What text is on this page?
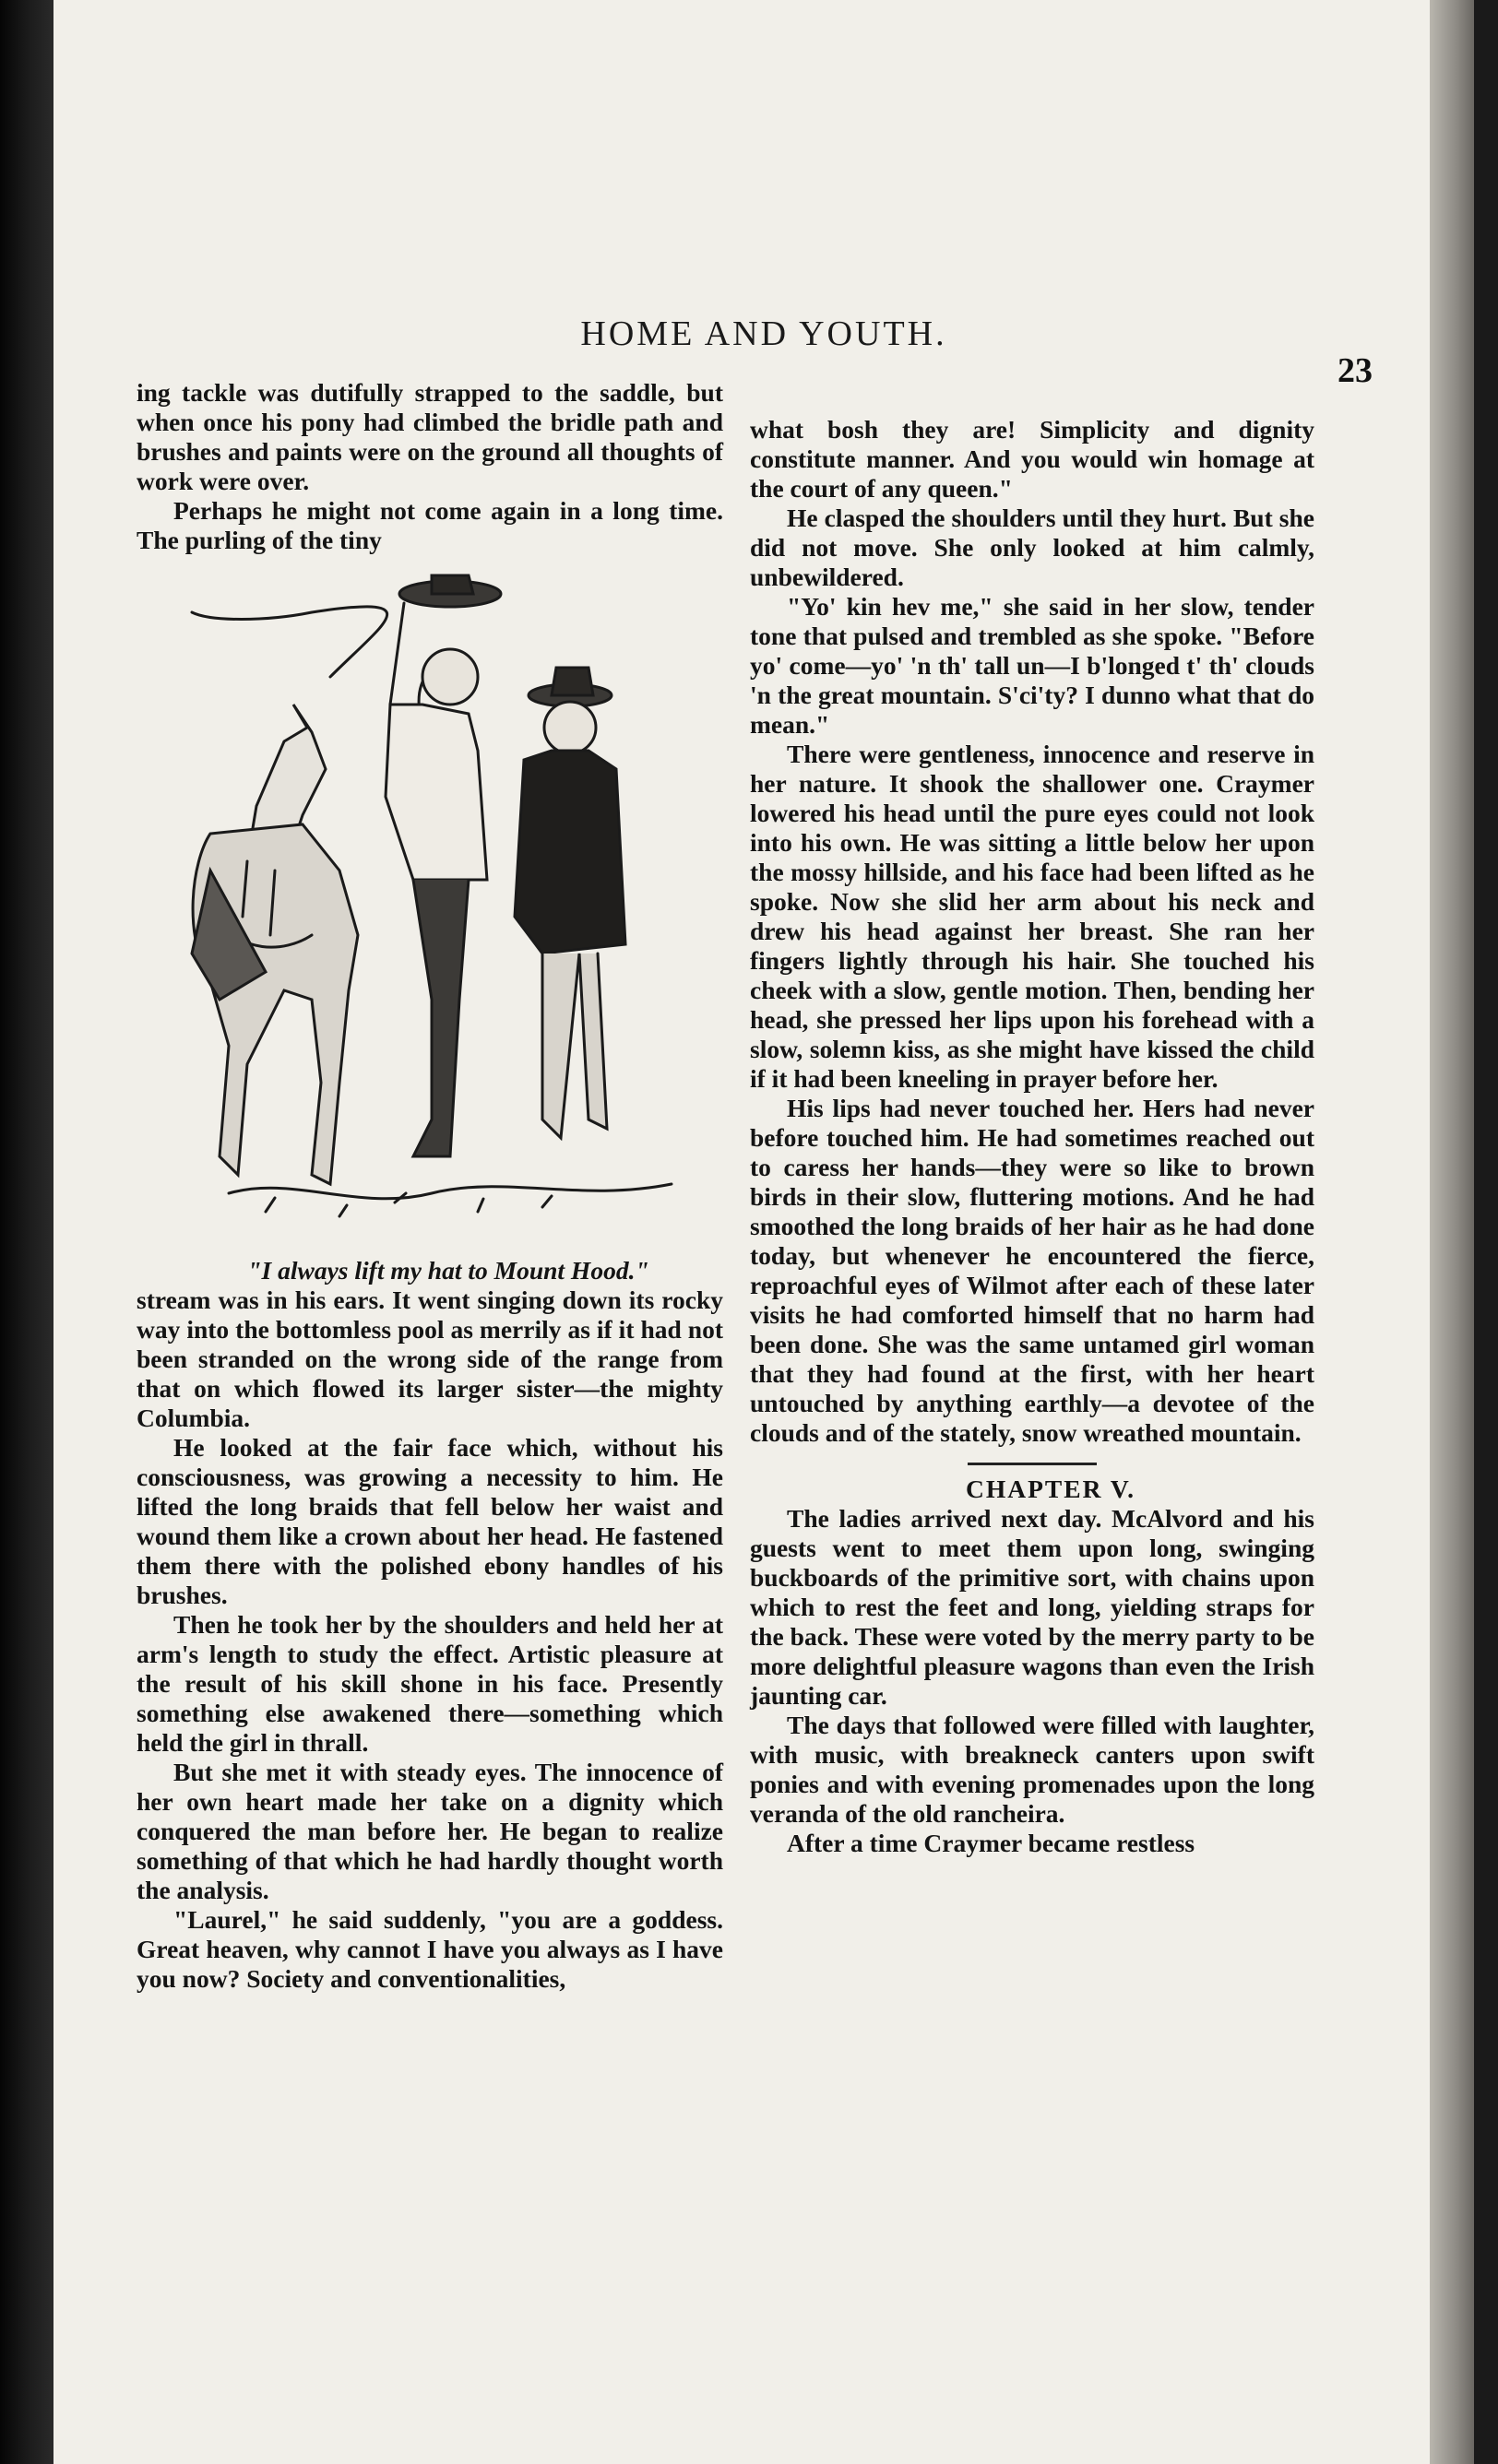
HOME AND YOUTH.
23

ing tackle was dutifully strapped to the saddle, but when once his pony had climbed the bridle path and brushes and paints were on the ground all thoughts of work were over.

Perhaps he might not come again in a long time. The purling of the tiny

"I always lift my hat to Mount Hood."

stream was in his ears. It went singing down its rocky way into the bottomless pool as merrily as if it had not been stranded on the wrong side of the range from that on which flowed its larger sister—the mighty Columbia.

He looked at the fair face which, without his consciousness, was growing a necessity to him. He lifted the long braids that fell below her waist and wound them like a crown about her head. He fastened them there with the polished ebony handles of his brushes.

Then he took her by the shoulders and held her at arm's length to study the effect. Artistic pleasure at the result of his skill shone in his face. Presently something else awakened there—something which held the girl in thrall.

But she met it with steady eyes. The innocence of her own heart made her take on a dignity which conquered the man before her. He began to realize something of that which he had hardly thought worth the analysis.

"Laurel," he said suddenly, "you are a goddess. Great heaven, why cannot I have you always as I have you now? Society and conventionalities,

what bosh they are! Simplicity and dignity constitute manner. And you would win homage at the court of any queen."

He clasped the shoulders until they hurt. But she did not move. She only looked at him calmly, unbewildered.

"Yo' kin hev me," she said in her slow, tender tone that pulsed and trembled as she spoke. "Before yo' come—yo' 'n th' tall un—I b'longed t' th' clouds 'n the great mountain. S'ci'ty? I dunno what that do mean."

There were gentleness, innocence and reserve in her nature. It shook the shallower one. Craymer lowered his head until the pure eyes could not look into his own. He was sitting a little below her upon the mossy hillside, and his face had been lifted as he spoke. Now she slid her arm about his neck and drew his head against her breast. She ran her fingers lightly through his hair. She touched his cheek with a slow, gentle motion. Then, bending her head, she pressed her lips upon his forehead with a slow, solemn kiss, as she might have kissed the child if it had been kneeling in prayer before her.

His lips had never touched her. Hers had never before touched him. He had sometimes reached out to caress her hands—they were so like to brown birds in their slow, fluttering motions. And he had smoothed the long braids of her hair as he had done today, but whenever he encountered the fierce, reproachful eyes of Wilmot after each of these later visits he had comforted himself that no harm had been done. She was the same untamed girl woman that they had found at the first, with her heart untouched by anything earthly—a devotee of the clouds and of the stately, snow wreathed mountain.

CHAPTER V.

The ladies arrived next day. McAlvord and his guests went to meet them upon long, swinging buckboards of the primitive sort, with chains upon which to rest the feet and long, yielding straps for the back. These were voted by the merry party to be more delightful pleasure wagons than even the Irish jaunting car.

The days that followed were filled with laughter, with music, with breakneck canters upon swift ponies and with evening promenades upon the long veranda of the old rancheira.

After a time Craymer became restless
